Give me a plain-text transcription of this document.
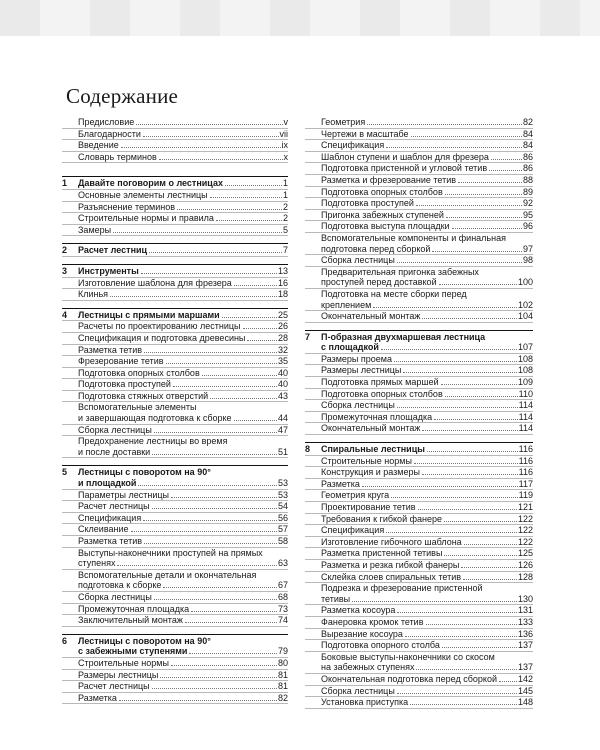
Содержание
Предисловие	v
Благодарности	vii
Введение	ix
Словарь терминов	x
1	Давайте поговорим о лестницах	1
Основные элементы лестницы	1
Разъяснение терминов	2
Строительные нормы и правила	2
Замеры	5
2	Расчет лестниц	7
3	Инструменты	13
Изготовление шаблона для фрезера	16
Клинья	18
4	Лестницы с прямыми маршами	25
Расчеты по проектированию лестницы	26
Спецификация и подготовка древесины	28
Разметка тетив	32
Фрезерование тетив	35
Подготовка опорных столбов	40
Подготовка проступей	40
Подготовка стяжных отверстий	43
Вспомогательные элементы
и завершающая подготовка к сборке	44
Сборка лестницы	47
Предохранение лестницы во время
и после доставки	51
5	Лестницы с поворотом на 90°
и площадкой	53
Параметры лестницы	53
Расчет лестницы	54
Спецификация	56
Склеивание	57
Разметка тетив	58
Выступы-наконечники проступей на прямых
ступенях	63
Вспомогательные детали и окончательная
подготовка к сборке	67
Сборка лестницы	68
Промежуточная площадка	73
Заключительный монтаж	74
6	Лестницы с поворотом на 90°
с забежными ступенями	79
Строительные нормы	80
Размеры лестницы	81
Расчет лестницы	81
Разметка	82
Геометрия	82
Чертежи в масштабе	84
Спецификация	84
Шаблон ступени и шаблон для фрезера	86
Подготовка пристенной и угловой тетив	86
Разметка и фрезерование тетив	88
Подготовка опорных столбов	89
Подготовка проступей	92
Пригонка забежных ступеней	95
Подготовка выступа площадки	96
Вспомогательные компоненты и финальная
подготовка перед сборкой	97
Сборка лестницы	98
Предварительная пригонка забежных
проступей перед доставкой	100
Подготовка на месте сборки перед
креплением	102
Окончательный монтаж	104
7	П-образная двухмаршевая лестница
с площадкой	107
Размеры проема	108
Размеры лестницы	108
Подготовка прямых маршей	109
Подготовка опорных столбов	110
Сборка лестницы	114
Промежуточная площадка	114
Окончательный монтаж	114
8	Спиральные лестницы	116
Строительные нормы	116
Конструкция и размеры	116
Разметка	117
Геометрия круга	119
Проектирование тетив	121
Требования к гибкой фанере	122
Спецификация	122
Изготовление гибочного шаблона	122
Разметка пристенной тетивы	125
Разметка и резка гибкой фанеры	126
Склейка слоев спиральных тетив	128
Подрезка и фрезерование пристенной
тетивы	130
Разметка косоура	131
Фанеровка кромок тетив	133
Вырезание косоура	136
Подготовка опорного столба	137
Боковые выступы-наконечники со скосом
на забежных ступенях	137
Окончательная подготовка перед сборкой 142
Сборка лестницы	145
Установка приступка	148
